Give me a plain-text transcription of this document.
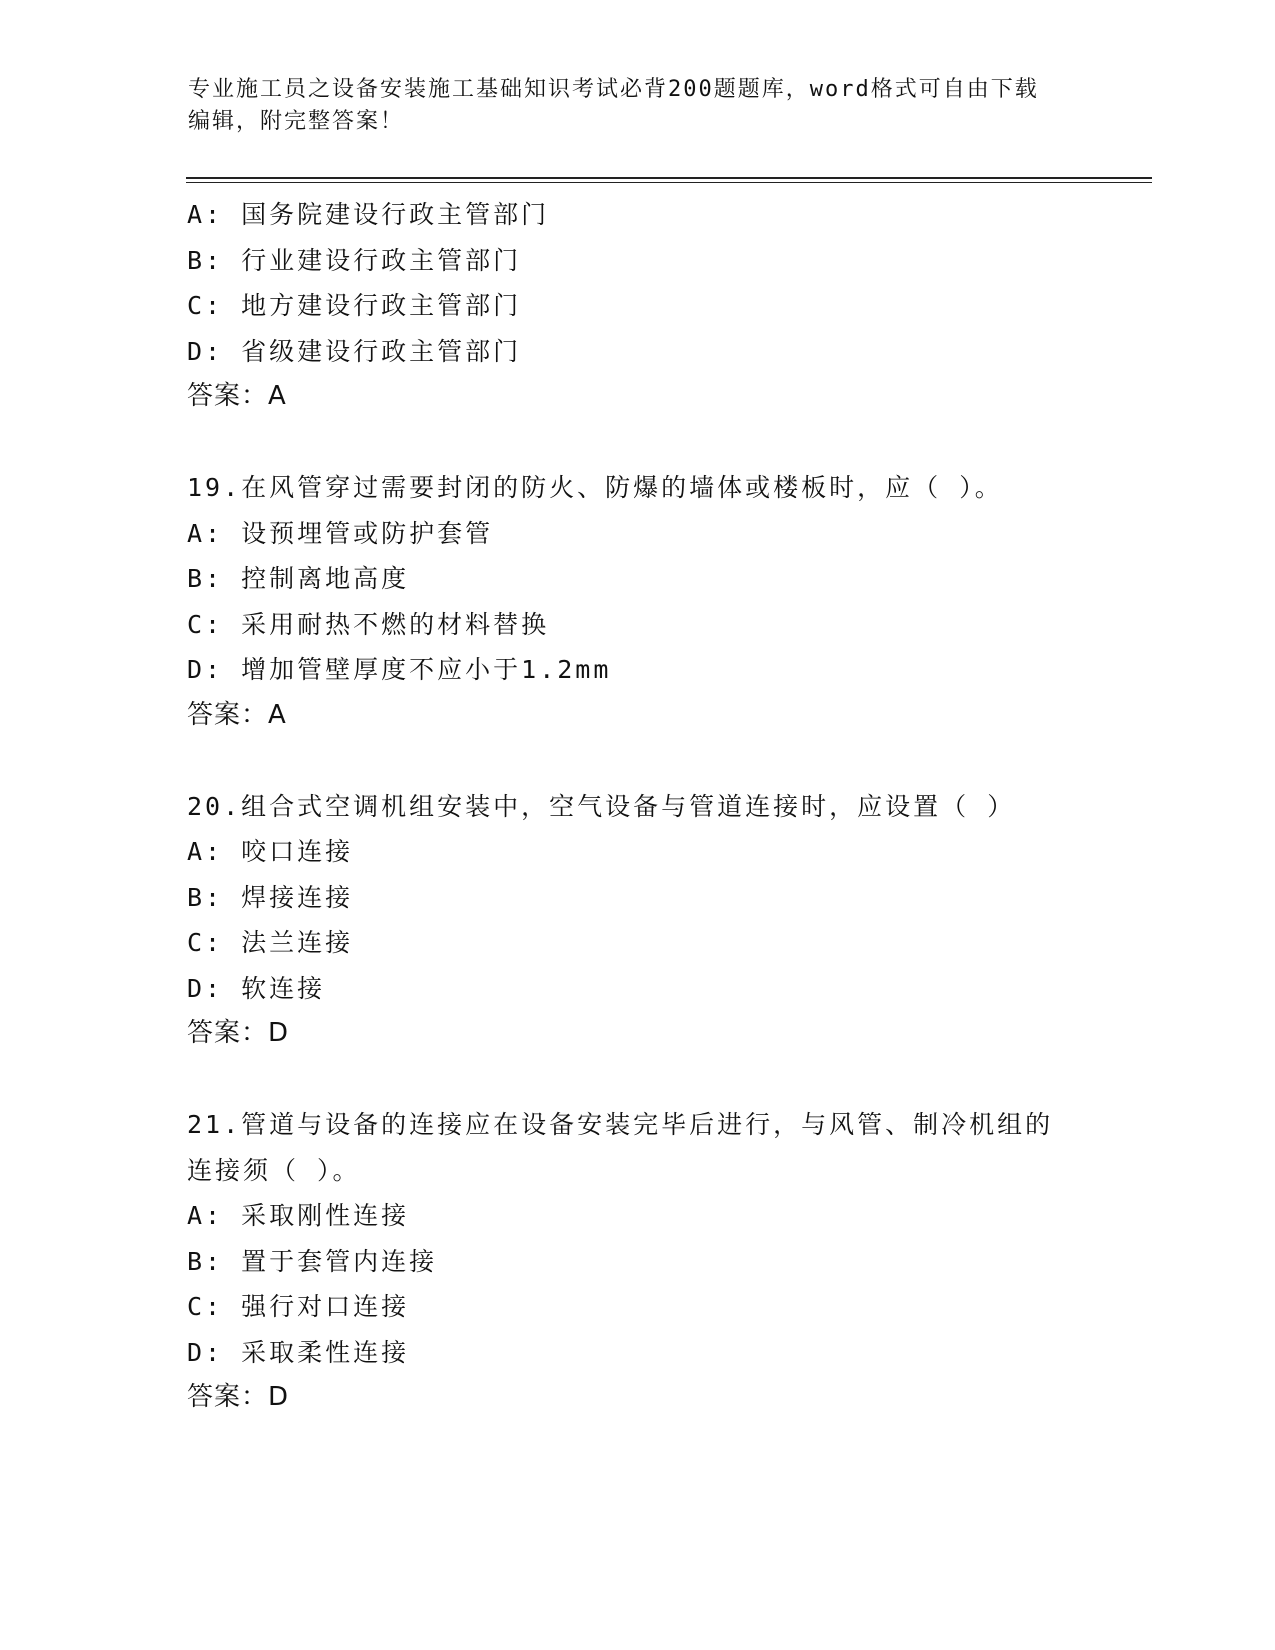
专业施工员之设备安装施工基础知识考试必背200题题库，word格式可自由下载
编辑，附完整答案！
A: 国务院建设行政主管部门
B: 行业建设行政主管部门
C: 地方建设行政主管部门
D: 省级建设行政主管部门
答案：A
19.在风管穿过需要封闭的防火、防爆的墙体或楼板时，应（ ）。
A: 设预埋管或防护套管
B: 控制离地高度
C: 采用耐热不燃的材料替换
D: 增加管壁厚度不应小于1.2mm
答案：A
20.组合式空调机组安装中，空气设备与管道连接时，应设置（ ）
A: 咬口连接
B: 焊接连接
C: 法兰连接
D: 软连接
答案：D
21.管道与设备的连接应在设备安装完毕后进行，与风管、制冷机组的
连接须（ ）。
A: 采取刚性连接
B: 置于套管内连接
C: 强行对口连接
D: 采取柔性连接
答案：D
